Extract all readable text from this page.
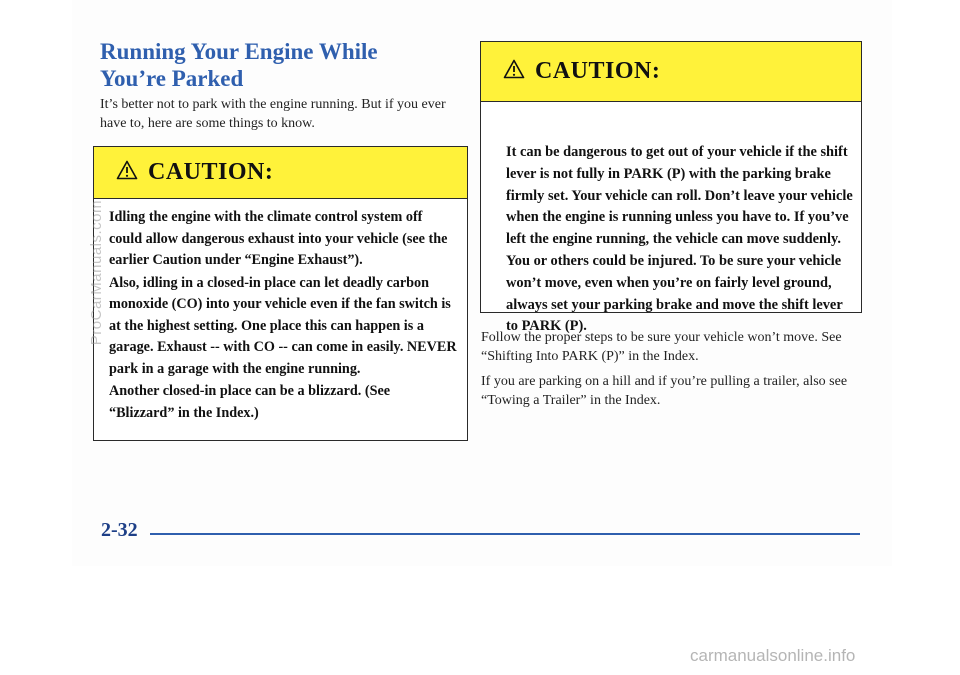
Running Your Engine While
You’re Parked

It’s better not to park with the engine running. But if you ever have to, here are some things to know.

CAUTION:

Idling the engine with the climate control system off could allow dangerous exhaust into your vehicle (see the earlier Caution under “Engine Exhaust”).

Also, idling in a closed-in place can let deadly carbon monoxide (CO) into your vehicle even if the fan switch is at the highest setting. One place this can happen is a garage. Exhaust -- with CO -- can come in easily. NEVER park in a garage with the engine running.

Another closed-in place can be a blizzard. (See “Blizzard” in the Index.)

CAUTION:

It can be dangerous to get out of your vehicle if the shift lever is not fully in PARK (P) with the parking brake firmly set. Your vehicle can roll. Don’t leave your vehicle when the engine is running unless you have to. If you’ve left the engine running, the vehicle can move suddenly. You or others could be injured. To be sure your vehicle won’t move, even when you’re on fairly level ground, always set your parking brake and move the shift lever to PARK (P).

Follow the proper steps to be sure your vehicle won’t move. See “Shifting Into PARK (P)” in the Index.

If you are parking on a hill and if you’re pulling a trailer, also see “Towing a Trailer” in the Index.

2-32
ProCarManuals.com
carmanualsonline.info
